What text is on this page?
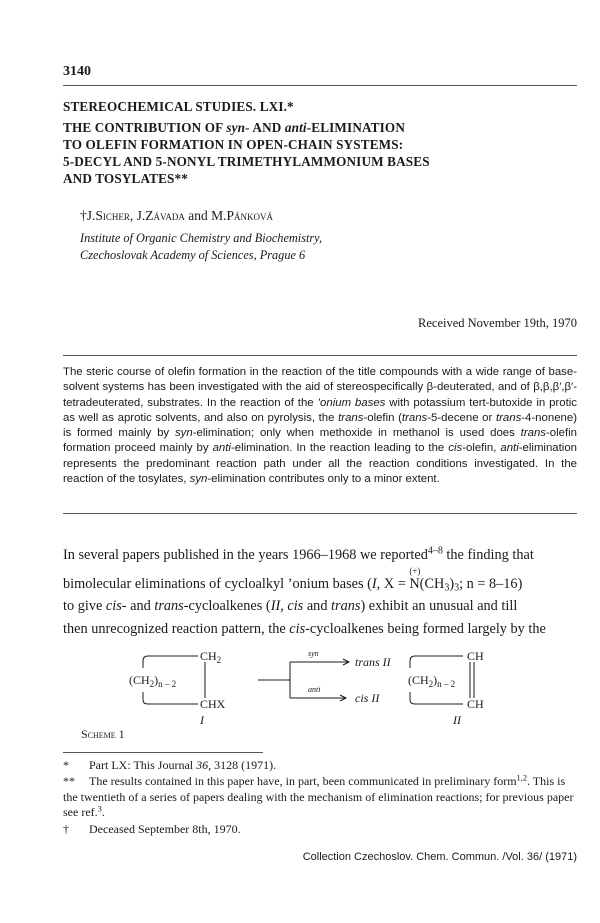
3140
STEREOCHEMICAL STUDIES. LXI.*
THE CONTRIBUTION OF syn- AND anti-ELIMINATION
TO OLEFIN FORMATION IN OPEN-CHAIN SYSTEMS:
5-DECYL AND 5-NONYL TRIMETHYLAMMONIUM BASES
AND TOSYLATES**
†J.Sicher, J.Závada and M.Pánková
Institute of Organic Chemistry and Biochemistry,
Czechoslovak Academy of Sciences, Prague 6
Received November 19th, 1970

The steric course of olefin formation in the reaction of the title compounds with a wide range of base-solvent systems has been investigated with the aid of stereospecifically β-deuterated, and of β,β,β′,β′-tetradeuterated, substrates. In the reaction of the ’onium bases with potassium tert-butoxide in protic as well as aprotic solvents, and also on pyrolysis, the trans-olefin (trans-5-decene or trans-4-nonene) is formed mainly by syn-elimination; only when methoxide in methanol is used does trans-olefin formation proceed mainly by anti-elimination. In the reaction leading to the cis-olefin, anti-elimination represents the predominant reaction path under all the reaction conditions investigated. In the reaction of the tosylates, syn-elimination contributes only to a minor extent.

In several papers published in the years 1966–1968 we reported$^{4-8}$ the finding that
bimolecular eliminations of cycloalkyl ’onium bases (I, X =
(+)
$N(CH_3)_3$; n = 8–16)
to give cis- and trans-cycloalkenes (II, cis and trans) exhibit an unusual and till
then unrecognized reaction pattern, the cis-cycloalkenes being formed largely by the
$CH_2$
$(CH_2)_{n - 2}$
CHX
I
syn
anti
trans II
cis II
CH
$(CH_2)_{n - 2}$
CH
II
Scheme 1
* Part LX: This Journal 36, 3128 (1971).
** The results contained in this paper have, in part, been communicated in preliminary form$^{1,2}$. This is the twentieth of a series of papers dealing with the mechanism of elimination reactions; for previous paper see ref.$^3$.
† Deceased September 8th, 1970.
Collection Czechoslov. Chem. Commun. /Vol. 36/ (1971)
